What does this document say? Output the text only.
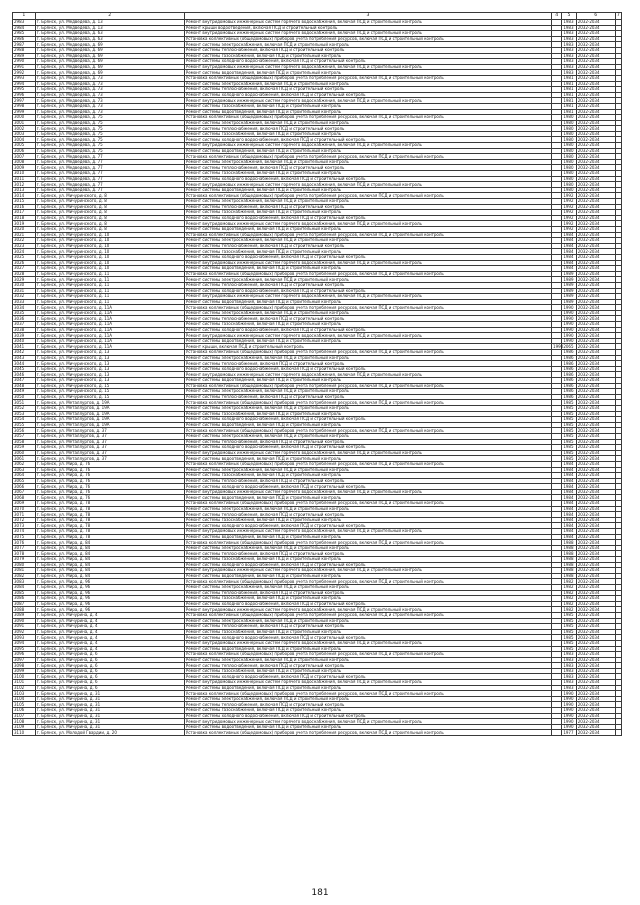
1	2	3	4	5	6	7
2983	г. Брянск, ул. Медведева, д. 13	Ремонт внутридомовых инженерных систем горячего водоснабжения, включая ПСД и строительный контроль		1983	2032-2034	
2984	г. Брянск, ул. Медведева, д. 13	Ремонт крыши водоотведения, включая ПСД и строительный контроль		1983	2032-2034	
2985	г. Брянск, ул. Медведева, д. 63	Ремонт внутридомовых инженерных систем горячего водоснабжения, включая ПСД и строительный контроль		1983	2032-2034	
2986	г. Брянск, ул. Медведева, д. 63	Установка коллективных (общедомовых) приборов учета потребления ресурсов, включая ПСД и строительный контроль		1983	2032-2034	
2987	г. Брянск, ул. Медведева, д. 69	Ремонт системы электроснабжения, включая ПСД и строительный контроль		1983	2032-2034	
2988	г. Брянск, ул. Медведева, д. 69	Ремонт системы теплоснабжения, включая ПСД и строительный контроль		1983	2032-2034	
2989	г. Брянск, ул. Медведева, д. 69	Ремонт системы газоснабжения, включая ПСД и строительный контроль		1983	2032-2034	
2990	г. Брянск, ул. Медведева, д. 69	Ремонт системы холодного водоснабжения, включая ПСД и строительный контроль		1983	2032-2034	
2991	г. Брянск, ул. Медведева, д. 69	Ремонт внутридомовых инженерных систем горячего водоснабжения, включая ПСД и строительный контроль		1983	2032-2034	
2992	г. Брянск, ул. Медведева, д. 69	Ремонт системы водоотведения, включая ПСД и строительный контроль		1983	2032-2034	
2993	г. Брянск, ул. Медведева, д. 73	Установка коллективных (общедомовых) приборов учета потребления ресурсов, включая ПСД и строительный контроль		1981	2032-2034	
2994	г. Брянск, ул. Медведева, д. 73	Ремонт системы электроснабжения, включая ПСД и строительный контроль		1981	2032-2034	
2995	г. Брянск, ул. Медведева, д. 73	Ремонт системы теплоснабжения, включая ПСД и строительный контроль		1981	2032-2034	
2996	г. Брянск, ул. Медведева, д. 73	Ремонт системы холодного водоснабжения, включая ПСД и строительный контроль		1981	2032-2034	
2997	г. Брянск, ул. Медведева, д. 73	Ремонт внутридомовых инженерных систем горячего водоснабжения, включая ПСД и строительный контроль		1981	2032-2034	
2998	г. Брянск, ул. Медведева, д. 73	Ремонт системы газоснабжения, включая ПСД и строительный контроль		1981	2032-2034	
2999	г. Брянск, ул. Медведева, д. 73	Ремонт системы водоотведения, включая ПСД и строительный контроль		1981	2032-2034	
3000	г. Брянск, ул. Медведева, д. 75	Установка коллективных (общедомовых) приборов учета потребления ресурсов, включая ПСД и строительный контроль		1980	2032-2034	
3001	г. Брянск, ул. Медведева, д. 75	Ремонт системы электроснабжения, включая ПСД и строительный контроль		1980	2032-2034	
3002	г. Брянск, ул. Медведева, д. 75	Ремонт системы теплоснабжения, включая ПСД и строительный контроль		1980	2032-2034	
3003	г. Брянск, ул. Медведева, д. 75	Ремонт системы газоснабжения, включая ПСД и строительный контроль		1980	2032-2034	
3004	г. Брянск, ул. Медведева, д. 75	Ремонт системы холодного водоснабжения, включая ПСД и строительный контроль		1980	2032-2034	
3005	г. Брянск, ул. Медведева, д. 75	Ремонт внутридомовых инженерных систем горячего водоснабжения, включая ПСД и строительный контроль		1980	2032-2034	
3006	г. Брянск, ул. Медведева, д. 75	Ремонт системы водоотведения, включая ПСД и строительный контроль		1980	2032-2034	
3007	г. Брянск, ул. Медведева, д. 77	Установка коллективных (общедомовых) приборов учета потребления ресурсов, включая ПСД и строительный контроль		1980	2032-2034	
3008	г. Брянск, ул. Медведева, д. 77	Ремонт системы электроснабжения, включая ПСД и строительный контроль		1980	2032-2034	
3009	г. Брянск, ул. Медведева, д. 77	Ремонт системы теплоснабжения, включая ПСД и строительный контроль		1980	2032-2034	
3010	г. Брянск, ул. Медведева, д. 77	Ремонт системы газоснабжения, включая ПСД и строительный контроль		1980	2032-2034	
3011	г. Брянск, ул. Медведева, д. 77	Ремонт системы холодного водоснабжения, включая ПСД и строительный контроль		1980	2032-2034	
3012	г. Брянск, ул. Медведева, д. 77	Ремонт внутридомовых инженерных систем горячего водоснабжения, включая ПСД и строительный контроль		1980	2032-2034	
3013	г. Брянск, ул. Медведева, д. 77	Ремонт системы водоотведения, включая ПСД и строительный контроль		1980	2032-2034	
3014	г. Брянск, ул. Мичуринского, д. 8	Установка коллективных (общедомовых) приборов учета потребления ресурсов, включая ПСД и строительный контроль		1992	2032-2034	
3015	г. Брянск, ул. Мичуринского, д. 8	Ремонт системы электроснабжения, включая ПСД и строительный контроль		1992	2032-2034	
3016	г. Брянск, ул. Мичуринского, д. 8	Ремонт системы теплоснабжения, включая ПСД и строительный контроль		1992	2032-2034	
3017	г. Брянск, ул. Мичуринского, д. 8	Ремонт системы газоснабжения, включая ПСД и строительный контроль		1992	2032-2034	
3018	г. Брянск, ул. Мичуринского, д. 8	Ремонт системы холодного водоснабжения, включая ПСД и строительный контроль		1992	2032-2034	
3019	г. Брянск, ул. Мичуринского, д. 8	Ремонт внутридомовых инженерных систем горячего водоснабжения, включая ПСД и строительный контроль		1992	2032-2034	
3020	г. Брянск, ул. Мичуринского, д. 8	Ремонт системы водоотведения, включая ПСД и строительный контроль		1992	2032-2034	
3021	г. Брянск, ул. Мичуринского, д. 10	Установка коллективных (общедомовых) приборов учета потребления ресурсов, включая ПСД и строительный контроль		1984	2032-2034	
3022	г. Брянск, ул. Мичуринского, д. 10	Ремонт системы электроснабжения, включая ПСД и строительный контроль		1984	2032-2034	
3023	г. Брянск, ул. Мичуринского, д. 10	Ремонт системы теплоснабжения, включая ПСД и строительный контроль		1984	2032-2034	
3024	г. Брянск, ул. Мичуринского, д. 10	Ремонт системы газоснабжения, включая ПСД и строительный контроль		1984	2032-2034	
3025	г. Брянск, ул. Мичуринского, д. 10	Ремонт системы холодного водоснабжения, включая ПСД и строительный контроль		1984	2032-2034	
3026	г. Брянск, ул. Мичуринского, д. 10	Ремонт внутридомовых инженерных систем горячего водоснабжения, включая ПСД и строительный контроль		1984	2032-2034	
3027	г. Брянск, ул. Мичуринского, д. 10	Ремонт системы водоотведения, включая ПСД и строительный контроль		1984	2032-2034	
3028	г. Брянск, ул. Мичуринского, д. 11	Установка коллективных (общедомовых) приборов учета потребления ресурсов, включая ПСД и строительный контроль		1989	2032-2034	
3029	г. Брянск, ул. Мичуринского, д. 11	Ремонт системы электроснабжения, включая ПСД и строительный контроль		1989	2032-2034	
3030	г. Брянск, ул. Мичуринского, д. 11	Ремонт системы теплоснабжения, включая ПСД и строительный контроль		1989	2032-2034	
3031	г. Брянск, ул. Мичуринского, д. 11	Ремонт системы холодного водоснабжения, включая ПСД и строительный контроль		1989	2032-2034	
3032	г. Брянск, ул. Мичуринского, д. 11	Ремонт внутридомовых инженерных систем горячего водоснабжения, включая ПСД и строительный контроль		1989	2032-2034	
3033	г. Брянск, ул. Мичуринского, д. 11	Ремонт системы водоотведения, включая ПСД и строительный контроль		1989	2032-2034	
3034	г. Брянск, ул. Мичуринского, д. 11А	Установка коллективных (общедомовых) приборов учета потребления ресурсов, включая ПСД и строительный контроль		1990	2032-2034	
3035	г. Брянск, ул. Мичуринского, д. 11А	Ремонт системы электроснабжения, включая ПСД и строительный контроль		1990	2032-2034	
3036	г. Брянск, ул. Мичуринского, д. 11А	Ремонт системы теплоснабжения, включая ПСД и строительный контроль		1990	2032-2034	
3037	г. Брянск, ул. Мичуринского, д. 11А	Ремонт системы газоснабжения, включая ПСД и строительный контроль		1990	2032-2034	
3038	г. Брянск, ул. Мичуринского, д. 11А	Ремонт системы холодного водоснабжения, включая ПСД и строительный контроль		1990	2032-2034	
3039	г. Брянск, ул. Мичуринского, д. 11А	Ремонт внутридомовых инженерных систем горячего водоснабжения, включая ПСД и строительный контроль		1990	2032-2034	
3040	г. Брянск, ул. Мичуринского, д. 11А	Ремонт системы водоотведения, включая ПСД и строительный контроль		1990	2032-2034	
3041	г. Брянск, ул. Мичуринского, д. 11А	Ремонт крыши, включая ПСД и строительный контроль	1990	2065	2032-2034	
3042	г. Брянск, ул. Мичуринского, д. 13	Установка коллективных (общедомовых) приборов учета потребления ресурсов, включая ПСД и строительный контроль		1986	2032-2034	
3043	г. Брянск, ул. Мичуринского, д. 13	Ремонт системы электроснабжения, включая ПСД и строительный контроль		1986	2032-2034	
3044	г. Брянск, ул. Мичуринского, д. 13	Ремонт системы теплоснабжения, включая ПСД и строительный контроль		1986	2032-2034	
3045	г. Брянск, ул. Мичуринского, д. 13	Ремонт системы холодного водоснабжения, включая ПСД и строительный контроль		1986	2032-2034	
3046	г. Брянск, ул. Мичуринского, д. 13	Ремонт внутридомовых инженерных систем горячего водоснабжения, включая ПСД и строительный контроль		1986	2032-2034	
3047	г. Брянск, ул. Мичуринского, д. 13	Ремонт системы водоотведения, включая ПСД и строительный контроль		1986	2032-2034	
3048	г. Брянск, ул. Мичуринского, д. 15	Установка коллективных (общедомовых) приборов учета потребления ресурсов, включая ПСД и строительный контроль		1986	2032-2034	
3049	г. Брянск, ул. Мичуринского, д. 15	Ремонт системы электроснабжения, включая ПСД и строительный контроль		1986	2032-2034	
3050	г. Брянск, ул. Мичуринского, д. 15	Ремонт системы теплоснабжения, включая ПСД и строительный контроль		1986	2032-2034	
3051	г. Брянск, ул. Металлургов, д. 19А	Установка коллективных (общедомовых) приборов учета потребления ресурсов, включая ПСД и строительный контроль		1985	2032-2034	
3052	г. Брянск, ул. Металлургов, д. 19А	Ремонт системы электроснабжения, включая ПСД и строительный контроль		1985	2032-2034	
3053	г. Брянск, ул. Металлургов, д. 19А	Ремонт системы газоснабжения, включая ПСД и строительный контроль		1985	2032-2034	
3054	г. Брянск, ул. Металлургов, д. 19А	Ремонт системы холодного водоснабжения, включая ПСД и строительный контроль		1985	2032-2034	
3055	г. Брянск, ул. Металлургов, д. 19А	Ремонт системы водоотведения, включая ПСД и строительный контроль		1985	2032-2034	
3056	г. Брянск, ул. Металлургов, д. 37	Установка коллективных (общедомовых) приборов учета потребления ресурсов, включая ПСД и строительный контроль		1985	2032-2034	
3057	г. Брянск, ул. Металлургов, д. 37	Ремонт системы электроснабжения, включая ПСД и строительный контроль		1985	2032-2034	
3058	г. Брянск, ул. Металлургов, д. 37	Ремонт системы теплоснабжения, включая ПСД и строительный контроль		1985	2032-2034	
3059	г. Брянск, ул. Металлургов, д. 37	Ремонт системы холодного водоснабжения, включая ПСД и строительный контроль		1985	2032-2034	
3060	г. Брянск, ул. Металлургов, д. 37	Ремонт внутридомовых инженерных систем горячего водоснабжения, включая ПСД и строительный контроль		1985	2032-2034	
3061	г. Брянск, ул. Металлургов, д. 37	Ремонт системы водоотведения, включая ПСД и строительный контроль		1985	2032-2034	
3062	г. Брянск, ул. Мира, д. 76	Установка коллективных (общедомовых) приборов учета потребления ресурсов, включая ПСД и строительный контроль		1984	2032-2034	
3063	г. Брянск, ул. Мира, д. 76	Ремонт системы электроснабжения, включая ПСД и строительный контроль		1984	2032-2034	
3064	г. Брянск, ул. Мира, д. 76	Ремонт системы газоснабжения, включая ПСД и строительный контроль		1984	2032-2034	
3065	г. Брянск, ул. Мира, д. 76	Ремонт системы теплоснабжения, включая ПСД и строительный контроль		1984	2032-2034	
3066	г. Брянск, ул. Мира, д. 76	Ремонт системы холодного водоснабжения, включая ПСД и строительный контроль		1984	2032-2034	
3067	г. Брянск, ул. Мира, д. 76	Ремонт внутридомовых инженерных систем горячего водоснабжения, включая ПСД и строительный контроль		1984	2032-2034	
3068	г. Брянск, ул. Мира, д. 76	Ремонт системы водоотведения, включая ПСД и строительный контроль		1984	2032-2034	
3069	г. Брянск, ул. Мира, д. 78	Установка коллективных (общедомовых) приборов учета потребления ресурсов, включая ПСД и строительный контроль		1984	2032-2034	
3070	г. Брянск, ул. Мира, д. 78	Ремонт системы электроснабжения, включая ПСД и строительный контроль		1984	2032-2034	
3071	г. Брянск, ул. Мира, д. 78	Ремонт системы теплоснабжения, включая ПСД и строительный контроль		1984	2032-2034	
3072	г. Брянск, ул. Мира, д. 78	Ремонт системы газоснабжения, включая ПСД и строительный контроль		1984	2032-2034	
3073	г. Брянск, ул. Мира, д. 78	Ремонт системы холодного водоснабжения, включая ПСД и строительный контроль		1984	2032-2034	
3074	г. Брянск, ул. Мира, д. 78	Ремонт внутридомовых инженерных систем горячего водоснабжения, включая ПСД и строительный контроль		1984	2032-2034	
3075	г. Брянск, ул. Мира, д. 78	Ремонт системы водоотведения, включая ПСД и строительный контроль		1984	2032-2034	
3076	г. Брянск, ул. Мира, д. 84	Установка коллективных (общедомовых) приборов учета потребления ресурсов, включая ПСД и строительный контроль		1988	2032-2034	
3077	г. Брянск, ул. Мира, д. 84	Ремонт системы электроснабжения, включая ПСД и строительный контроль		1988	2032-2034	
3078	г. Брянск, ул. Мира, д. 84	Ремонт системы теплоснабжения, включая ПСД и строительный контроль		1988	2032-2034	
3079	г. Брянск, ул. Мира, д. 84	Ремонт системы газоснабжения, включая ПСД и строительный контроль		1988	2032-2034	
3080	г. Брянск, ул. Мира, д. 84	Ремонт системы холодного водоснабжения, включая ПСД и строительный контроль		1988	2032-2034	
3081	г. Брянск, ул. Мира, д. 84	Ремонт внутридомовых инженерных систем горячего водоснабжения, включая ПСД и строительный контроль		1988	2032-2034	
3082	г. Брянск, ул. Мира, д. 84	Ремонт системы водоотведения, включая ПСД и строительный контроль		1988	2032-2034	
3083	г. Брянск, ул. Мира, д. 96	Установка коллективных (общедомовых) приборов учета потребления ресурсов, включая ПСД и строительный контроль		1982	2032-2034	
3084	г. Брянск, ул. Мира, д. 96	Ремонт системы электроснабжения, включая ПСД и строительный контроль		1982	2032-2034	
3085	г. Брянск, ул. Мира, д. 96	Ремонт системы теплоснабжения, включая ПСД и строительный контроль		1982	2032-2034	
3086	г. Брянск, ул. Мира, д. 96	Ремонт системы газоснабжения, включая ПСД и строительный контроль		1982	2032-2034	
3087	г. Брянск, ул. Мира, д. 96	Ремонт системы холодного водоснабжения, включая ПСД и строительный контроль		1982	2032-2034	
3088	г. Брянск, ул. Мира, д. 96	Ремонт внутридомовых инженерных систем горячего водоснабжения, включая ПСД и строительный контроль		1982	2032-2034	
3089	г. Брянск, ул. Мичурина, д. 4	Установка коллективных (общедомовых) приборов учета потребления ресурсов, включая ПСД и строительный контроль		1985	2032-2034	
3090	г. Брянск, ул. Мичурина, д. 4	Ремонт системы электроснабжения, включая ПСД и строительный контроль		1985	2032-2034	
3091	г. Брянск, ул. Мичурина, д. 4	Ремонт системы теплоснабжения, включая ПСД и строительный контроль		1985	2032-2034	
3092	г. Брянск, ул. Мичурина, д. 4	Ремонт системы газоснабжения, включая ПСД и строительный контроль		1985	2032-2034	
3093	г. Брянск, ул. Мичурина, д. 4	Ремонт системы холодного водоснабжения, включая ПСД и строительный контроль		1985	2032-2034	
3094	г. Брянск, ул. Мичурина, д. 4	Ремонт внутридомовых инженерных систем горячего водоснабжения, включая ПСД и строительный контроль		1985	2032-2034	
3095	г. Брянск, ул. Мичурина, д. 4	Ремонт системы водоотведения, включая ПСД и строительный контроль		1985	2032-2034	
3096	г. Брянск, ул. Мичурина, д. 6	Установка коллективных (общедомовых) приборов учета потребления ресурсов, включая ПСД и строительный контроль		1983	2032-2034	
3097	г. Брянск, ул. Мичурина, д. 6	Ремонт системы электроснабжения, включая ПСД и строительный контроль		1983	2032-2034	
3098	г. Брянск, ул. Мичурина, д. 6	Ремонт системы теплоснабжения, включая ПСД и строительный контроль		1983	2032-2034	
3099	г. Брянск, ул. Мичурина, д. 6	Ремонт системы газоснабжения, включая ПСД и строительный контроль		1983	2032-2034	
3100	г. Брянск, ул. Мичурина, д. 6	Ремонт системы холодного водоснабжения, включая ПСД и строительный контроль		1983	2032-2034	
3101	г. Брянск, ул. Мичурина, д. 6	Ремонт внутридомовых инженерных систем горячего водоснабжения, включая ПСД и строительный контроль		1983	2032-2034	
3102	г. Брянск, ул. Мичурина, д. 6	Ремонт системы водоотведения, включая ПСД и строительный контроль		1983	2032-2034	
3103	г. Брянск, ул. Мичурина, д. 31	Установка коллективных (общедомовых) приборов учета потребления ресурсов, включая ПСД и строительный контроль		1990	2032-2034	
3104	г. Брянск, ул. Мичурина, д. 31	Ремонт системы электроснабжения, включая ПСД и строительный контроль		1990	2032-2034	
3105	г. Брянск, ул. Мичурина, д. 31	Ремонт системы теплоснабжения, включая ПСД и строительный контроль		1990	2032-2034	
3106	г. Брянск, ул. Мичурина, д. 31	Ремонт системы газоснабжения, включая ПСД и строительный контроль		1990	2032-2034	
3107	г. Брянск, ул. Мичурина, д. 31	Ремонт системы холодного водоснабжения, включая ПСД и строительный контроль		1990	2032-2034	
3108	г. Брянск, ул. Мичурина, д. 31	Ремонт внутридомовых инженерных систем горячего водоснабжения, включая ПСД и строительный контроль		1990	2032-2034	
3109	г. Брянск, ул. Мичурина, д. 31	Ремонт системы водоотведения, включая ПСД и строительный контроль		1990	2032-2034	
3110	г. Брянск, ул. Молодой Гвардии, д. 20	Установка коллективных (общедомовых) приборов учета потребления ресурсов, включая ПСД и строительный контроль		1977	2032-2034	
181
